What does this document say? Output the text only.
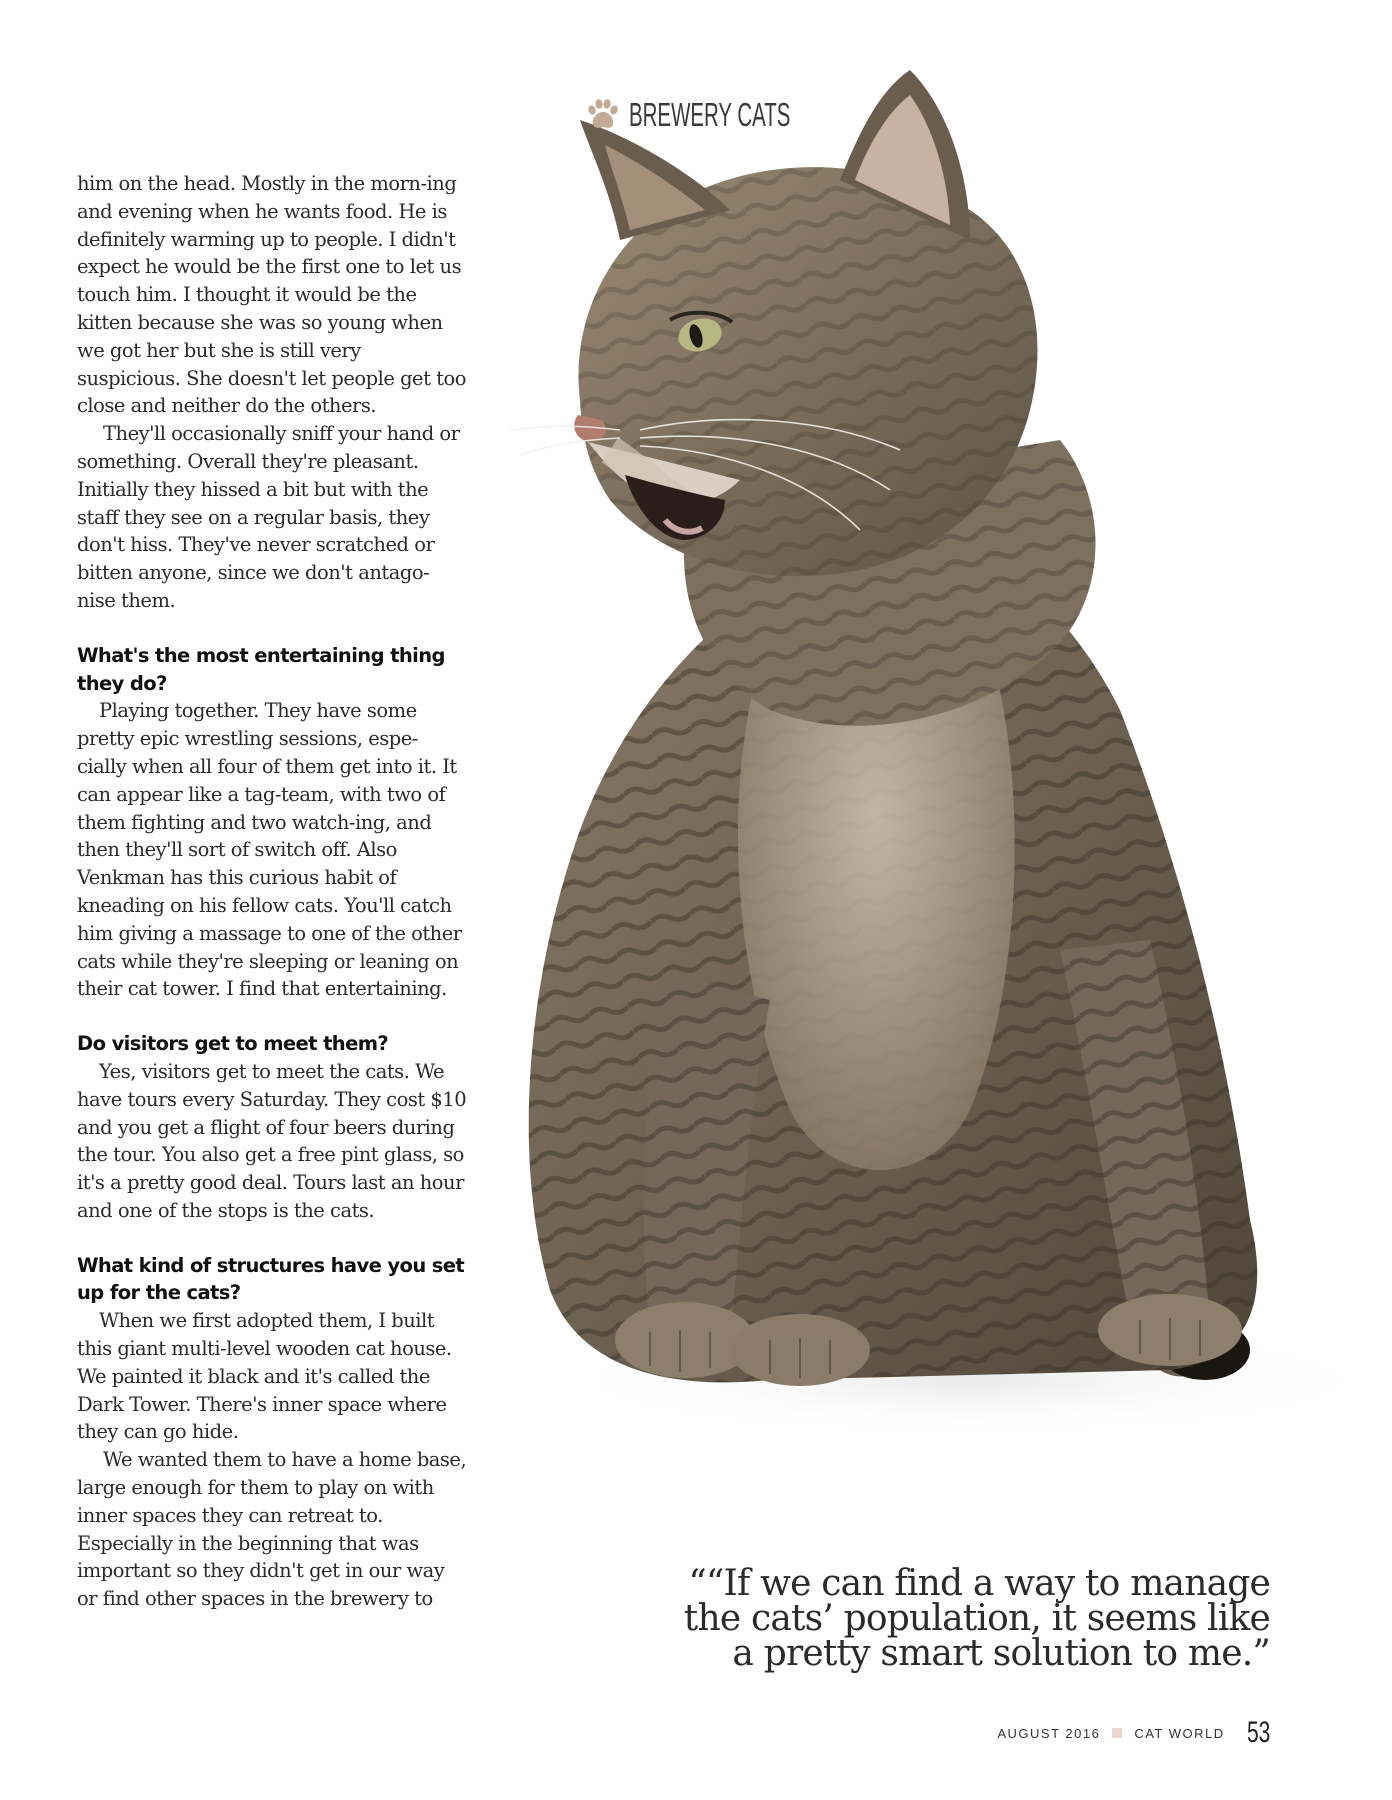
BREWERY CATS

him on the head. Mostly in the morn-ing and evening when he wants food. He is definitely warming up to people. I didn't expect he would be the first one to let us touch him. I thought it would be the kitten because she was so young when we got her but she is still very suspicious. She doesn't let people get too close and neither do the others.

They'll occasionally sniff your hand or something. Overall they're pleasant. Initially they hissed a bit but with the staff they see on a regular basis, they don't hiss. They've never scratched or bitten anyone, since we don't antago-nise them.

What's the most entertaining thing they do?

Playing together. They have some pretty epic wrestling sessions, espe-cially when all four of them get into it. It can appear like a tag-team, with two of them fighting and two watch-ing, and then they'll sort of switch off. Also Venkman has this curious habit of kneading on his fellow cats. You'll catch him giving a massage to one of the other cats while they're sleeping or leaning on their cat tower. I find that entertaining.

Do visitors get to meet them?

Yes, visitors get to meet the cats. We have tours every Saturday. They cost $10 and you get a flight of four beers during the tour. You also get a free pint glass, so it's a pretty good deal. Tours last an hour and one of the stops is the cats.

What kind of structures have you set up for the cats?

When we first adopted them, I built this giant multi-level wooden cat house. We painted it black and it's called the Dark Tower. There's inner space where they can go hide.

We wanted them to have a home base, large enough for them to play on with inner spaces they can retreat to. Especially in the beginning that was important so they didn't get in our way or find other spaces in the brewery to	““If we can find a way to manage
the cats’ population, it seems like
a pretty smart solution to me.”
AUGUST 2016	CAT WORLD 53
